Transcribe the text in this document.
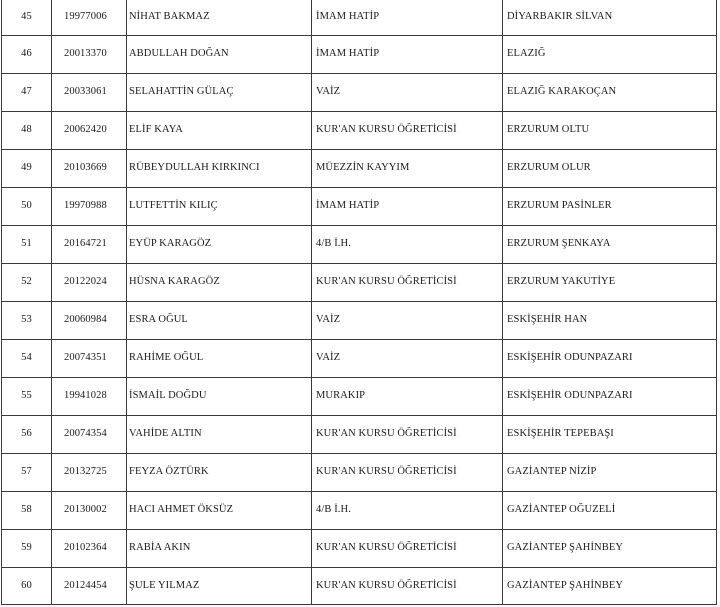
45	19977006	NİHAT BAKMAZ	İMAM HATİP	DİYARBAKIR SİLVAN
46	20013370	ABDULLAH DOĞAN	İMAM HATİP	ELAZIĞ
47	20033061	SELAHATTİN GÜLAÇ	VAİZ	ELAZIĞ KARAKOÇAN
48	20062420	ELİF KAYA	KUR'AN KURSU ÖĞRETİCİSİ	ERZURUM OLTU
49	20103669	RÜBEYDULLAH KIRKINCI	MÜEZZİN KAYYIM	ERZURUM OLUR
50	19970988	LUTFETTİN KILIÇ	İMAM HATİP	ERZURUM PASİNLER
51	20164721	EYÜP KARAGÖZ	4/B İ.H.	ERZURUM ŞENKAYA
52	20122024	HÜSNA KARAGÖZ	KUR'AN KURSU ÖĞRETİCİSİ	ERZURUM YAKUTİYE
53	20060984	ESRA OĞUL	VAİZ	ESKİŞEHİR HAN
54	20074351	RAHİME OĞUL	VAİZ	ESKİŞEHİR ODUNPAZARI
55	19941028	İSMAİL DOĞDU	MURAKIP	ESKİŞEHİR ODUNPAZARI
56	20074354	VAHİDE ALTIN	KUR'AN KURSU ÖĞRETİCİSİ	ESKİŞEHİR TEPEBAŞI
57	20132725	FEYZA ÖZTÜRK	KUR'AN KURSU ÖĞRETİCİSİ	GAZİANTEP NİZİP
58	20130002	HACI AHMET ÖKSÜZ	4/B İ.H.	GAZİANTEP OĞUZELİ
59	20102364	RABİA AKIN	KUR'AN KURSU ÖĞRETİCİSİ	GAZİANTEP ŞAHİNBEY
60	20124454	ŞULE YILMAZ	KUR'AN KURSU ÖĞRETİCİSİ	GAZİANTEP ŞAHİNBEY
